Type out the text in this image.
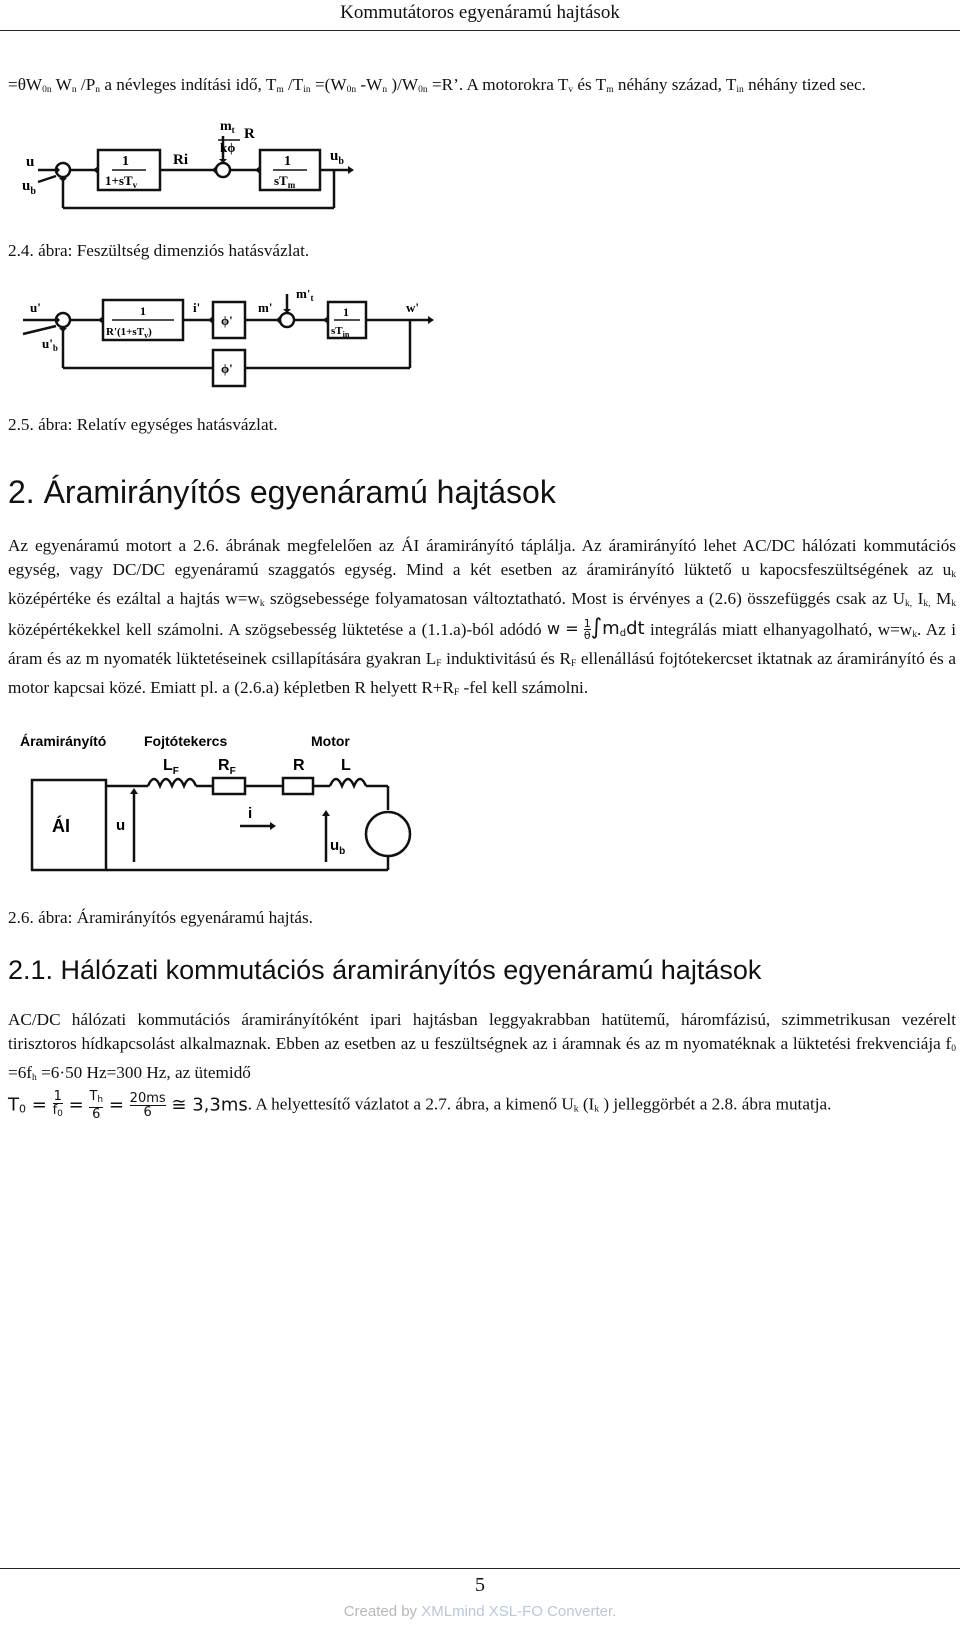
Kommutátoros egyenáramú hajtások
$=\theta W_{0n}$ $W_n$ $/P_n$ a névleges indítási idő, $T_m$ $/T_{in} =(W_{0n}$ $-W_n$ )$/W_{0n} =R$’. A motorokra $T_v$ és $T_m$ néhány század, $T_{in}$ néhány tized sec.
u
$u_b$
1
$1+sT_v$
Ri
$m_t$ R
kϕ
1
$sT_m$
$u_b$
2.4. ábra: Feszültség dimenziós hatásvázlat.
u'
$u'_b$
1
$R'(1+sT_v)$
i'
ϕ'
m'
$m'_t$
1
$sT_{in}$
w'
ϕ'
2.5. ábra: Relatív egységes hatásvázlat.
2. Áramirányítós egyenáramú hajtások
Az egyenáramú motort a 2.6. ábrának megfelelően az ÁI áramirányító táplálja. Az áramirányító lehet AC/DC hálózati kommutációs egység, vagy DC/DC egyenáramú szaggatós egység. Mind a két esetben az áramirányító lüktető u kapocsfeszültségének az $u_k$ középértéke és ezáltal a hajtás $w=w_k$ szögsebessége folyamatosan változtatható. Most is érvényes a (2.6) összefüggés csak az $U_{k,}$ $I_{k,}$ $M_k$ középértékekkel kell számolni. A szögsebesség lüktetése a (1.1.a)-ból adódó $w = \frac{1}{\theta} \int m_ddt$ integrálás miatt elhanyagolható, $w=w_k$. Az i áram és az m nyomaték lüktetéseinek csillapítására gyakran $L_F$ induktivitású és $R_F$ ellenállású fojtótekercset iktatnak az áramirányító és a motor kapcsai közé. Emiatt pl. a (2.6.a) képletben R helyett $R+R_F$ -fel kell számolni.
Áramirányító	Fojtótekercs	Motor
$L_F$ $R_F$	R L
u
i
$u_b$
ÁI
2.6. ábra: Áramirányítós egyenáramú hajtás.
2.1. Hálózati kommutációs áramirányítós egyenáramú hajtások
AC/DC hálózati kommutációs áramirányítóként ipari hajtásban leggyakrabban hatütemű, háromfázisú, szimmetrikusan vezérelt tirisztoros hídkapcsolást alkalmaznak. Ebben az esetben az u feszültségnek az i áramnak és az m nyomatéknak a lüktetési frekvenciája $f_0 =6f_h =6\cdot 50$ Hz=300 Hz, az ütemidő
$T_0 = \frac{1}{f_0} = \frac{T_h}{6} = \frac{20ms}{6}$ ≅ 3,3ms. A helyettesítő vázlatot a 2.7. ábra, a kimenő $U_k$ ($I_k$ ) jelleggörbét a 2.8. ábra mutatja.
5
Created by XMLmind XSL-FO Converter.
